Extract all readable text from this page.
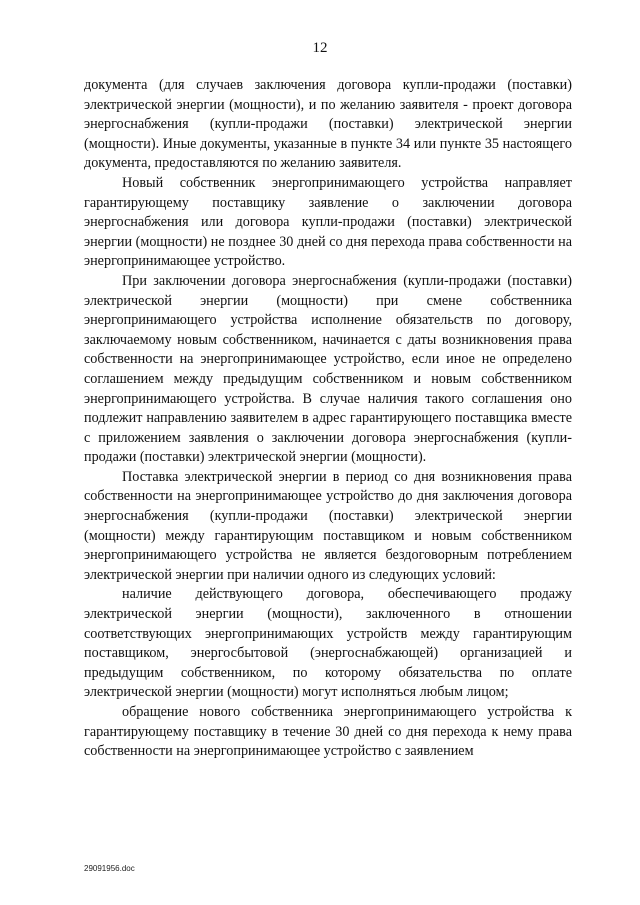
12

документа (для случаев заключения договора купли-продажи (поставки) электрической энергии (мощности), и по желанию заявителя - проект договора энергоснабжения (купли-продажи (поставки) электрической энергии (мощности). Иные документы, указанные в пункте 34 или пункте 35 настоящего документа, предоставляются по желанию заявителя.

Новый собственник энергопринимающего устройства направляет гарантирующему поставщику заявление о заключении договора энергоснабжения или договора купли-продажи (поставки) электрической энергии (мощности) не позднее 30 дней со дня перехода права собственности на энергопринимающее устройство.

При заключении договора энергоснабжения (купли-продажи (поставки) электрической энергии (мощности) при смене собственника энергопринимающего устройства исполнение обязательств по договору, заключаемому новым собственником, начинается с даты возникновения права собственности на энергопринимающее устройство, если иное не определено соглашением между предыдущим собственником и новым собственником энергопринимающего устройства. В случае наличия такого соглашения оно подлежит направлению заявителем в адрес гарантирующего поставщика вместе с приложением заявления о заключении договора энергоснабжения (купли-продажи (поставки) электрической энергии (мощности).

Поставка электрической энергии в период со дня возникновения права собственности на энергопринимающее устройство до дня заключения договора энергоснабжения (купли-продажи (поставки) электрической энергии (мощности) между гарантирующим поставщиком и новым собственником энергопринимающего устройства не является бездоговорным потреблением электрической энергии при наличии одного из следующих условий:

наличие действующего договора, обеспечивающего продажу электрической энергии (мощности), заключенного в отношении соответствующих энергопринимающих устройств между гарантирующим поставщиком, энергосбытовой (энергоснабжающей) организацией и предыдущим собственником, по которому обязательства по оплате электрической энергии (мощности) могут исполняться любым лицом;

обращение нового собственника энергопринимающего устройства к гарантирующему поставщику в течение 30 дней со дня перехода к нему права собственности на энергопринимающее устройство с заявлением

29091956.doc
